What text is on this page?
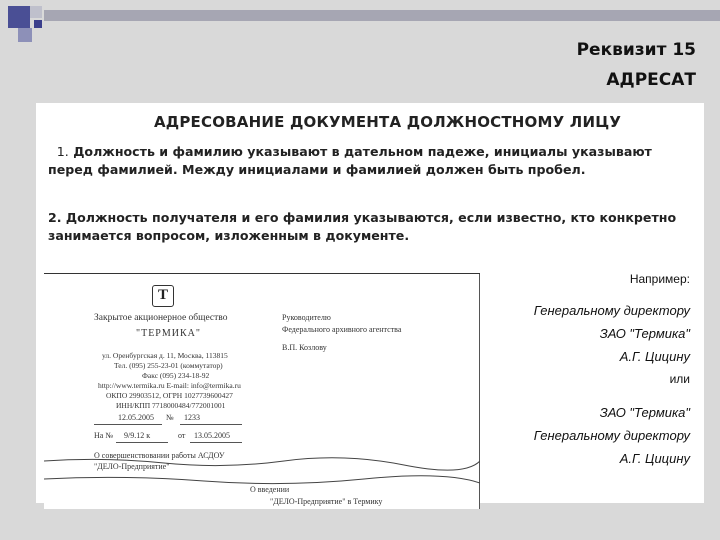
Реквизит 15
АДРЕСАТ
АДРЕСОВАНИЕ ДОКУМЕНТА ДОЛЖНОСТНОМУ ЛИЦУ
1. Должность и фамилию указывают в дательном падеже, инициалы указывают перед фамилией. Между инициалами и фамилией должен быть пробел.
2. Должность получателя и его фамилия указываются, если известно, кто конкретно занимается вопросом, изложенным в документе.
Т
Закрытое акционерное общество
"ТЕРМИКА"
ул. Оренбургская д. 11, Москва, 113815
Тел. (095) 255-23-01 (коммутатор)
Факс (095) 234-18-92
http://www.termika.ru E-mail: info@termika.ru
ОКПО 29903512, ОГРН 1027739600427
ИНН/КПП 7718000484/772001001
12.05.2005 № 1233
На № 9/9.12 к	от 13.05.2005
О совершенствовании работы АСДОУ
"ДЕЛО-Предприятие"
Руководителю
Федерального архивного агентства
В.П. Козлову
О введении
"ДЕЛО-Предприятие" в Термику
Например:
Генеральному директору
ЗАО "Термика"
А.Г. Цицину
или
ЗАО "Термика"
Генеральному директору
А.Г. Цицину
